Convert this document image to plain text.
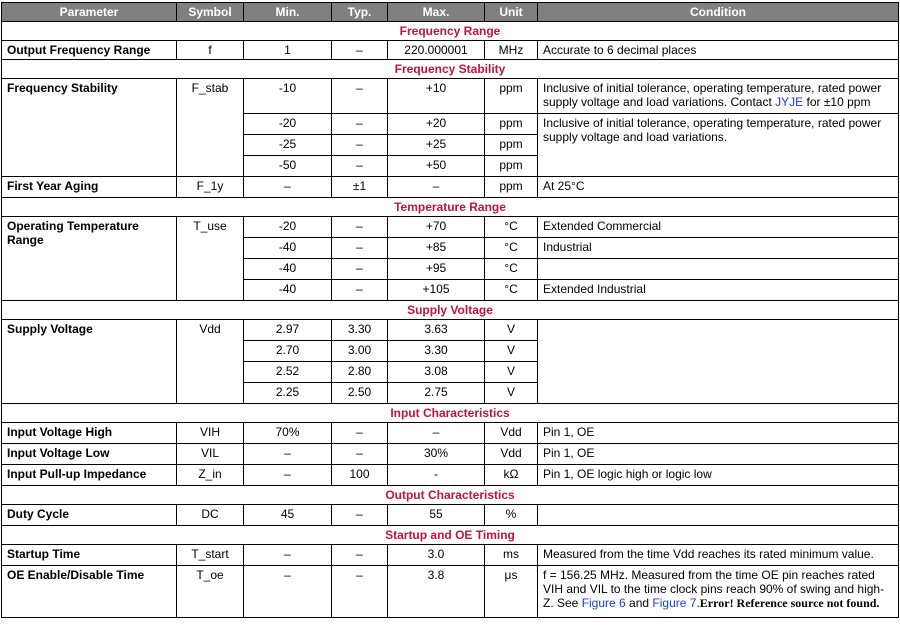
Parameter	Symbol	Min.	Typ.	Max.	Unit	Condition
Frequency Range						
Output Frequency Range	f	1	–	220.000001	MHz	Accurate to 6 decimal places
Frequency Stability						
Frequency Stability	F_stab	-10	–	+10	ppm	Inclusive of initial tolerance, operating temperature, rated power supply voltage and load variations. Contact JYJE for ±10 ppm
		-20	–	+20	ppm	Inclusive of initial tolerance, operating temperature, rated power supply voltage and load variations.
		-25	–	+25	ppm	
		-50	–	+50	ppm	
First Year Aging	F_1y	–	±1	–	ppm	At 25°C
Temperature Range						
Operating Temperature Range	T_use	-20	–	+70	°C	Extended Commercial
		-40	–	+85	°C	Industrial
		-40	–	+95	°C	
		-40	–	+105	°C	Extended Industrial
Supply Voltage						
Supply Voltage	Vdd	2.97	3.30	3.63	V	
		2.70	3.00	3.30	V	
		2.52	2.80	3.08	V	
		2.25	2.50	2.75	V	
Input Characteristics						
Input Voltage High	VIH	70%	–	–	Vdd	Pin 1, OE
Input Voltage Low	VIL	–	–	30%	Vdd	Pin 1, OE
Input Pull-up Impedance	Z_in	–	100	-	kΩ	Pin 1, OE logic high or logic low
Output Characteristics						
Duty Cycle	DC	45	–	55	%	
Startup and OE Timing						
Startup Time	T_start	–	–	3.0	ms	Measured from the time Vdd reaches its rated minimum value.
OE Enable/Disable Time	T_oe	–	–	3.8	μs	f = 156.25 MHz. Measured from the time OE pin reaches rated VIH and VIL to the time clock pins reach 90% of swing and high-Z. See Figure 6 and Figure 7.Error! Reference source not found.
